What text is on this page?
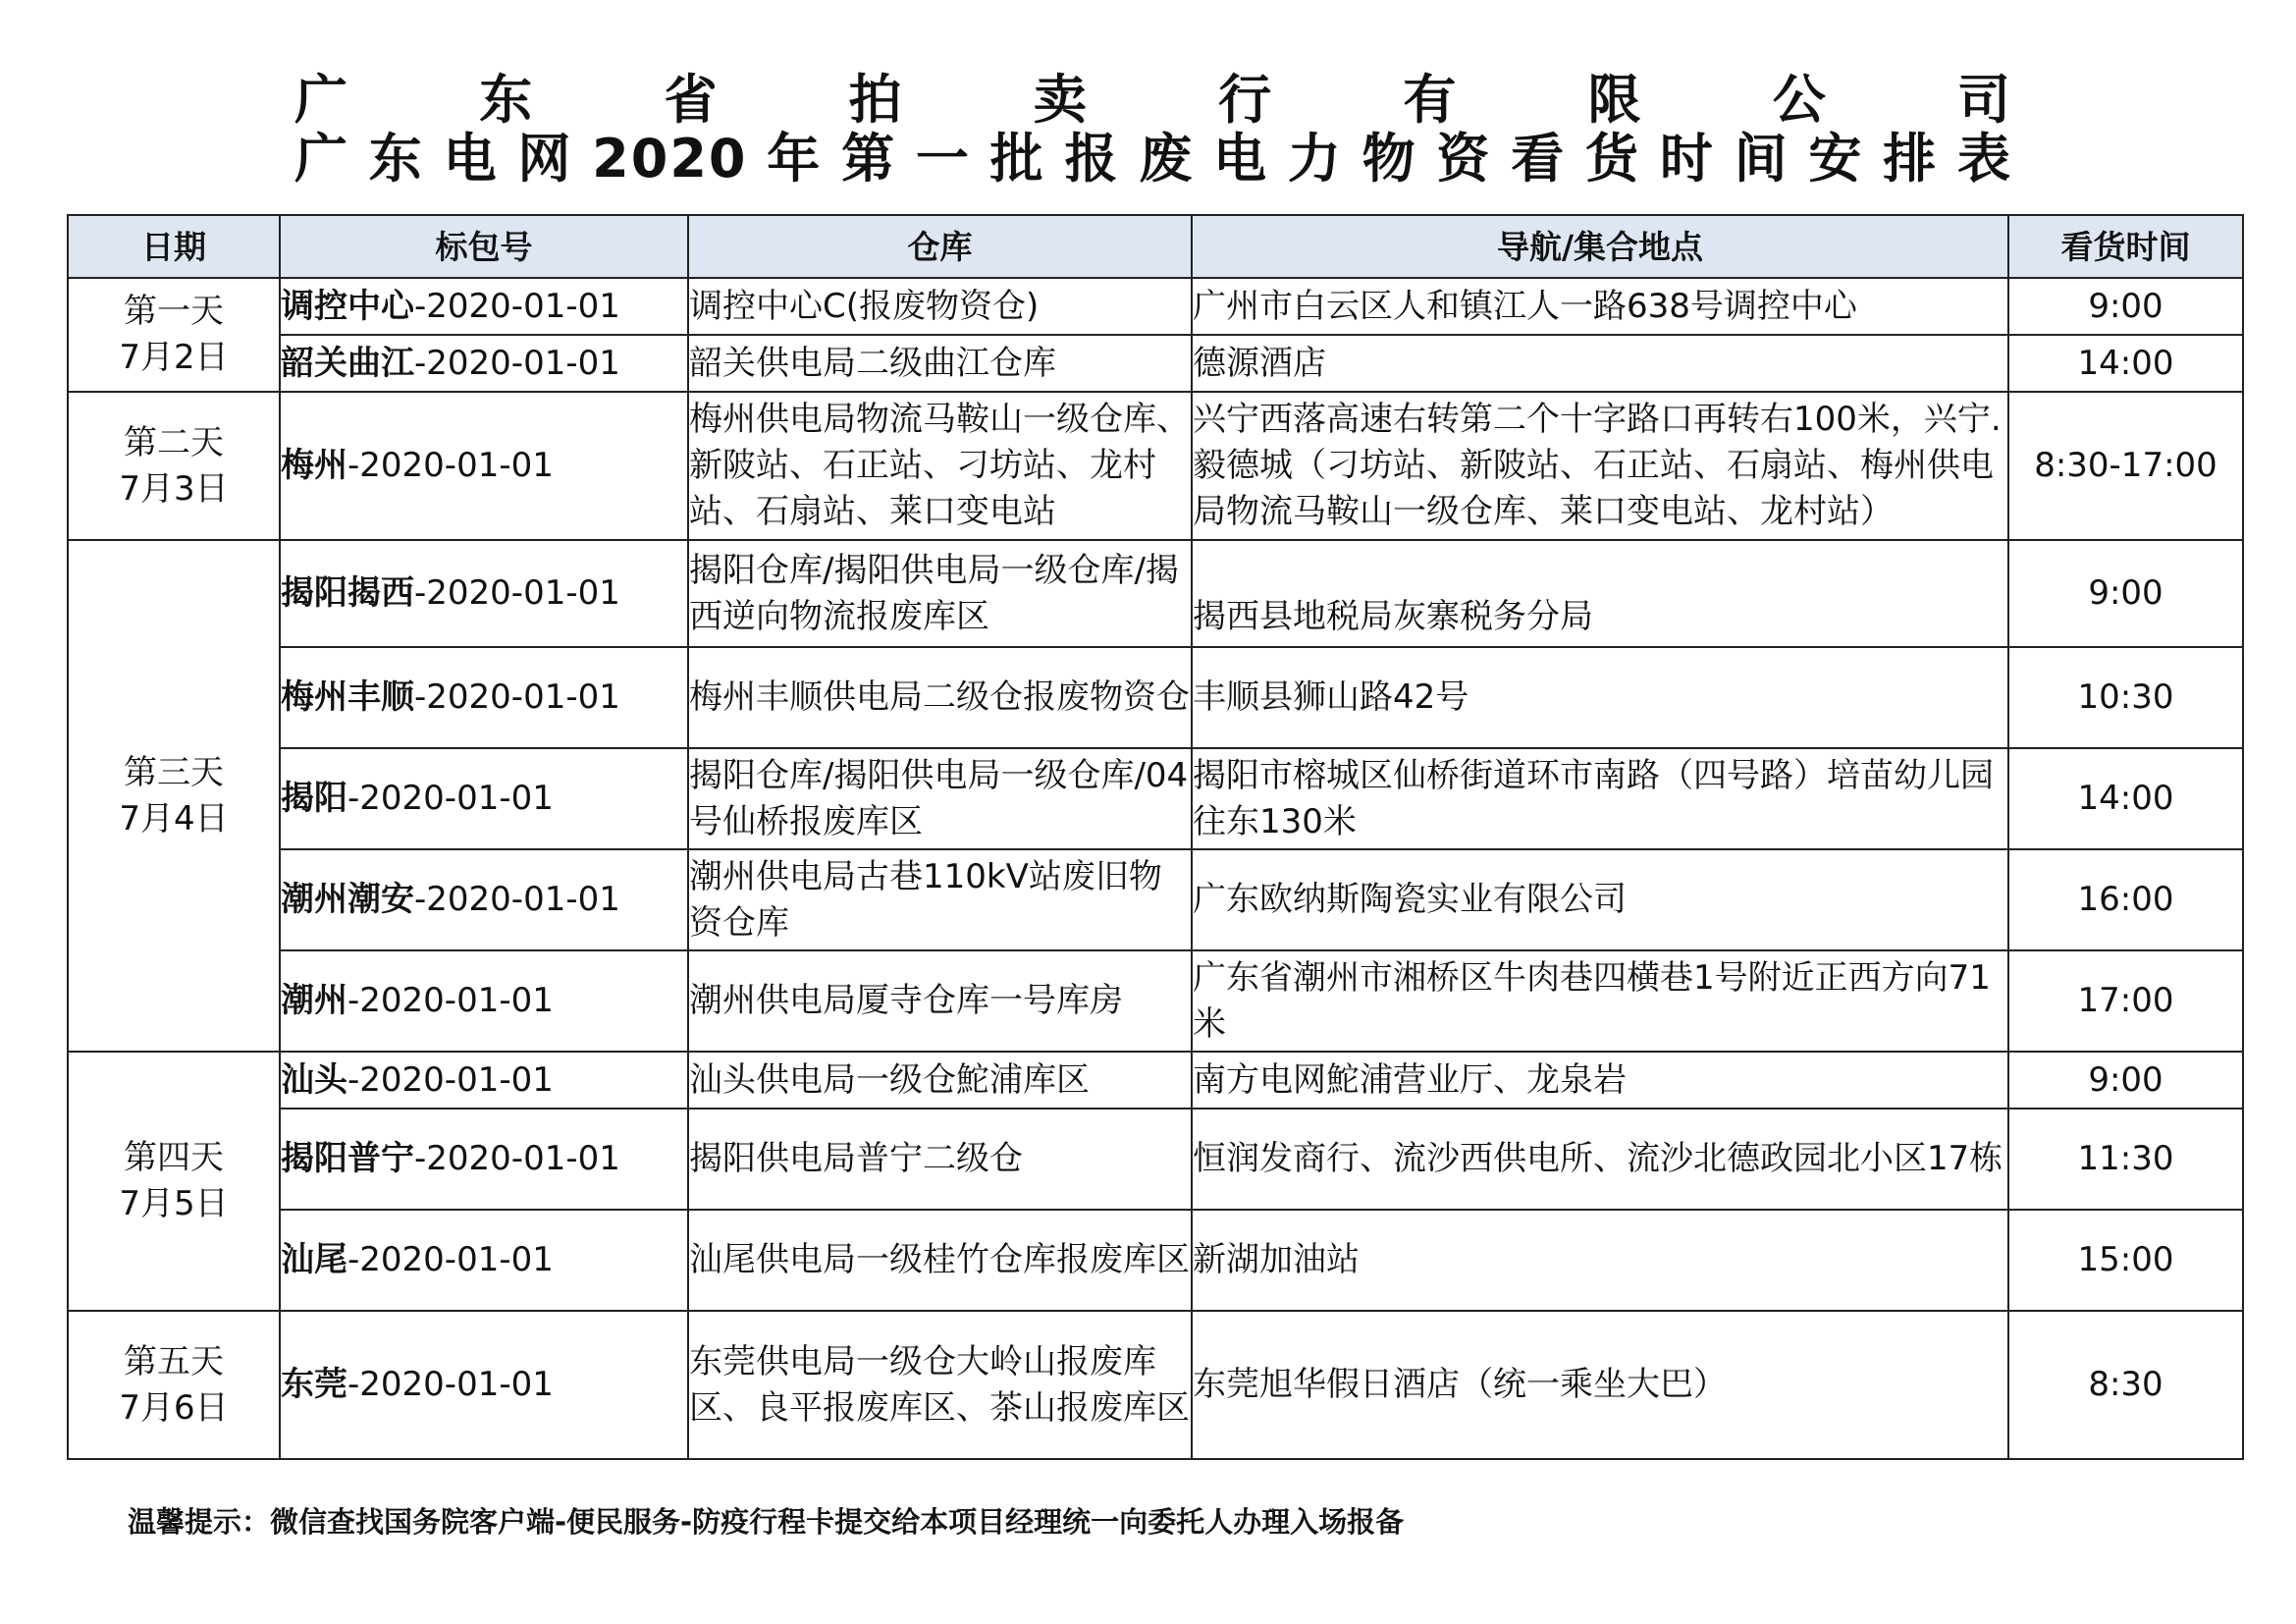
广东省拍卖行有限公司
广东电网2020年第一批报废电力物资看货时间安排表
日期	标包号	仓库	导航/集合地点	看货时间

第一天
7月2日	调控中心-2020-01-01	调控中心C(报废物资仓)	广州市白云区人和镇江人一路638号调控中心	9:00
	韶关曲江-2020-01-01	韶关供电局二级曲江仓库	德源酒店	14:00

第二天
7月3日	梅州-2020-01-01	梅州供电局物流马鞍山一级仓库、新陂站、石正站、刁坊站、龙村站、石扇站、莱口变电站	兴宁西落高速右转第二个十字路口再转右100米，兴宁.毅德城（刁坊站、新陂站、石正站、石扇站、梅州供电局物流马鞍山一级仓库、莱口变电站、龙村站）	8:30-17:00

第三天
7月4日	揭阳揭西-2020-01-01	揭阳仓库/揭阳供电局一级仓库/揭西逆向物流报废库区	揭西县地税局灰寨税务分局	9:00
	梅州丰顺-2020-01-01	梅州丰顺供电局二级仓报废物资仓	丰顺县狮山路42号	10:30
	揭阳-2020-01-01	揭阳仓库/揭阳供电局一级仓库/04号仙桥报废库区	揭阳市榕城区仙桥街道环市南路（四号路）培苗幼儿园往东130米	14:00
	潮州潮安-2020-01-01	潮州供电局古巷110kV站废旧物资仓库	广东欧纳斯陶瓷实业有限公司	16:00
	潮州-2020-01-01	潮州供电局厦寺仓库一号库房	广东省潮州市湘桥区牛肉巷四横巷1号附近正西方向71米	17:00

第四天
7月5日	汕头-2020-01-01	汕头供电局一级仓鮀浦库区	南方电网鮀浦营业厅、龙泉岩	9:00
	揭阳普宁-2020-01-01	揭阳供电局普宁二级仓	恒润发商行、流沙西供电所、流沙北德政园北小区17栋	11:30
	汕尾-2020-01-01	汕尾供电局一级桂竹仓库报废库区	新湖加油站	15:00

第五天
7月6日	东莞-2020-01-01	东莞供电局一级仓大岭山报废库区、良平报废库区、茶山报废库区	东莞旭华假日酒店（统一乘坐大巴）	8:30
温馨提示：微信查找国务院客户端-便民服务-防疫行程卡提交给本项目经理统一向委托人办理入场报备
